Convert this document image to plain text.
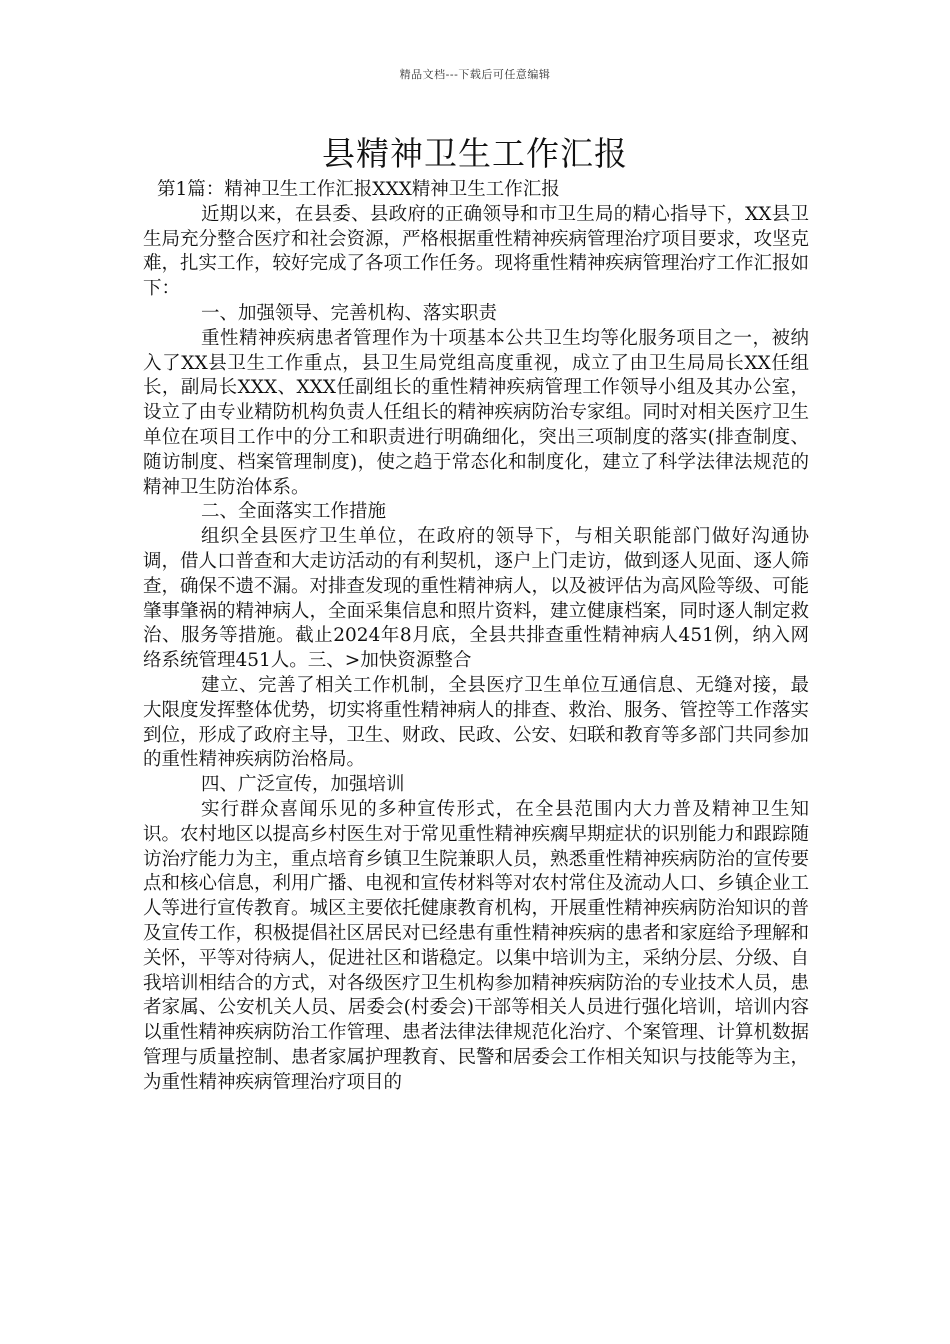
精品文档---下载后可任意编辑
县精神卫生工作汇报

第1篇：精神卫生工作汇报XXX精神卫生工作汇报

近期以来，在县委、县政府的正确领导和市卫生局的精心指导下，XX县卫生局充分整合医疗和社会资源，严格根据重性精神疾病管理治疗项目要求，攻坚克难，扎实工作，较好完成了各项工作任务。现将重性精神疾病管理治疗工作汇报如下：

一、加强领导、完善机构、落实职责

重性精神疾病患者管理作为十项基本公共卫生均等化服务项目之一，被纳入了XX县卫生工作重点，县卫生局党组高度重视，成立了由卫生局局长XX任组长，副局长XXX、XXX任副组长的重性精神疾病管理工作领导小组及其办公室，设立了由专业精防机构负责人任组长的精神疾病防治专家组。同时对相关医疗卫生单位在项目工作中的分工和职责进行明确细化，突出三项制度的落实(排查制度、随访制度、档案管理制度)，使之趋于常态化和制度化，建立了科学法律法规范的精神卫生防治体系。

二、全面落实工作措施

组织全县医疗卫生单位，在政府的领导下，与相关职能部门做好沟通协调，借人口普查和大走访活动的有利契机，逐户上门走访，做到逐人见面、逐人筛查，确保不遗不漏。对排查发现的重性精神病人，以及被评估为高风险等级、可能肇事肇祸的精神病人，全面采集信息和照片资料，建立健康档案，同时逐人制定救治、服务等措施。截止2024年8月底，全县共排查重性精神病人451例，纳入网络系统管理451人。三、>加快资源整合

建立、完善了相关工作机制，全县医疗卫生单位互通信息、无缝对接，最大限度发挥整体优势，切实将重性精神病人的排查、救治、服务、管控等工作落实到位，形成了政府主导，卫生、财政、民政、公安、妇联和教育等多部门共同参加的重性精神疾病防治格局。

四、广泛宣传，加强培训

实行群众喜闻乐见的多种宣传形式，在全县范围内大力普及精神卫生知识。农村地区以提高乡村医生对于常见重性精神疾瘸早期症状的识别能力和跟踪随访治疗能力为主，重点培育乡镇卫生院兼职人员，熟悉重性精神疾病防治的宣传要点和核心信息，利用广播、电视和宣传材料等对农村常住及流动人口、乡镇企业工人等进行宣传教育。城区主要依托健康教育机构，开展重性精神疾病防治知识的普及宣传工作，积极提倡社区居民对已经患有重性精神疾病的患者和家庭给予理解和关怀，平等对待病人，促进社区和谐稳定。以集中培训为主，采纳分层、分级、自我培训相结合的方式，对各级医疗卫生机构参加精神疾病防治的专业技术人员，患者家属、公安机关人员、居委会(村委会)干部等相关人员进行强化培训，培训内容以重性精神疾病防治工作管理、患者法律法律规范化治疗、个案管理、计算机数据管理与质量控制、患者家属护理教育、民警和居委会工作相关知识与技能等为主，为重性精神疾病管理治疗项目的
